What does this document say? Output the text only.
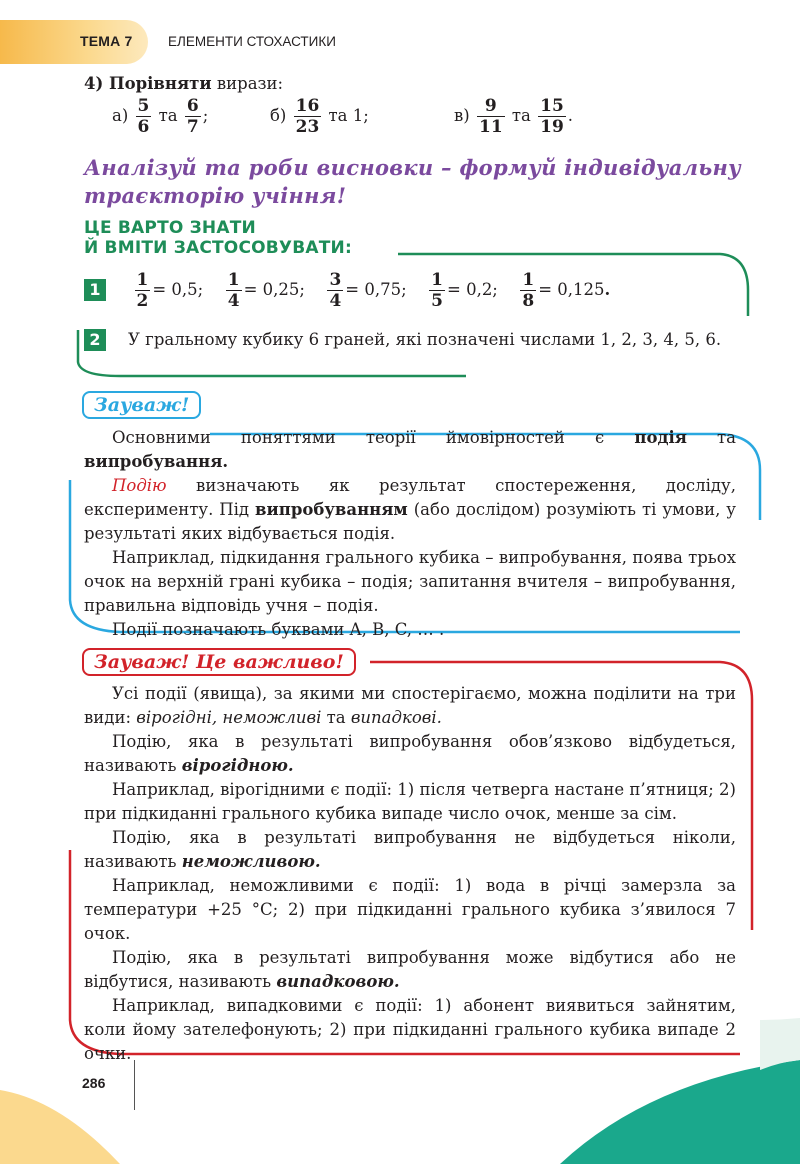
ТЕМА 7	ЕЛЕМЕНТИ СТОХАСТИКИ
4) Порівняти вирази:
$а) \frac{5}{6}$ та $\frac{6}{7}$ ;	$б) \frac{16}{23}$ та 1;	$в) \frac{9}{11}$ та $\frac{15}{19}$ .
Аналізуй та роби висновки – формуй індивідуальну траєкторію учіння!
ЦЕ ВАРТО ЗНАТИ
Й ВМІТИ ЗАСТОСОВУВАТИ:
$1 \frac{1}{2} = 0,5$; $\frac{1}{4} = 0,25$; $\frac{3}{4} = 0,75$; $\frac{1}{5} = 0,2$; $\frac{1}{8} = 0,125$.
2	У гральному кубику 6 граней, які позначені числами 1, 2, 3, 4, 5, 6.
Зауваж!

Основними поняттями теорії ймовірностей є подія та випробування.

Подію визначають як результат спостереження, досліду, експерименту. Під випробуванням (або дослідом) розуміють ті умови, у результаті яких відбувається подія.

Наприклад, підкидання грального кубика – випробування, поява трьох очок на верхній грані кубика – подія; запитання вчителя – випробування, правильна відповідь учня – подія.

Події позначають буквами A, B, C, … .

Зауваж! Це важливо!

Усі події (явища), за якими ми спостерігаємо, можна поділити на три види: вірогідні, неможливі та випадкові.

Подію, яка в результаті випробування обов’язково відбудеться, називають вірогідною.

Наприклад, вірогідними є події: 1) після четверга настане п’ятниця; 2) при підкиданні грального кубика випаде число очок, менше за сім.

Подію, яка в результаті випробування не відбудеться ніколи, називають неможливою.

Наприклад, неможливими є події: 1) вода в річці замерзла за температури +25 °C; 2) при підкиданні грального кубика з’явилося 7 очок.

Подію, яка в результаті випробування може відбутися або не відбутися, називають випадковою.

Наприклад, випадковими є події: 1) абонент виявиться зайнятим, коли йому зателефонують; 2) при підкиданні грального кубика випаде 2 очки.

286
